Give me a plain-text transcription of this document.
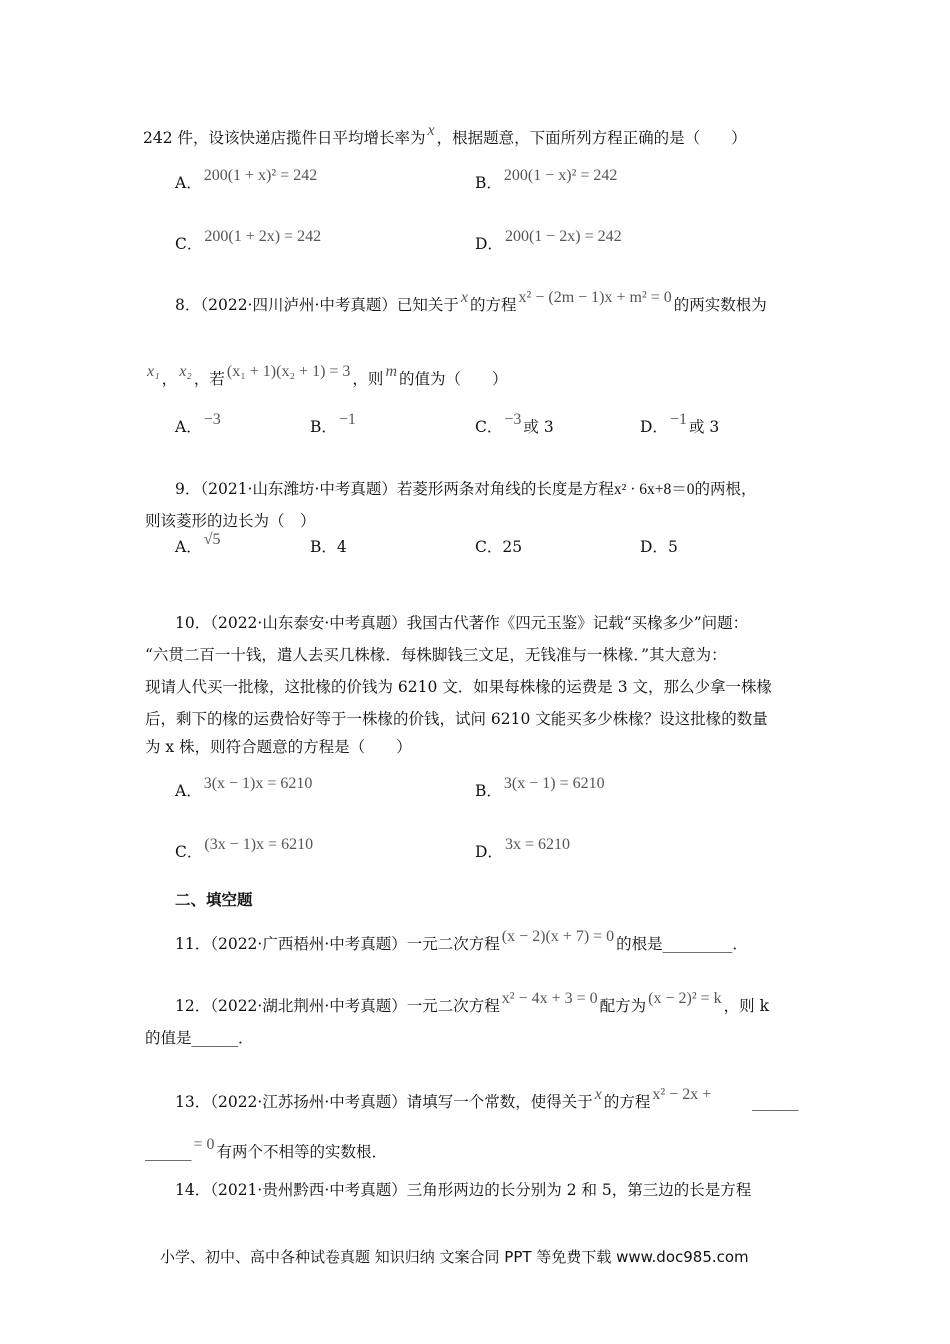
242 件，设该快递店揽件日平均增长率为 x ，根据题意，下面所列方程正确的是（　　）
A． 200(1 + x)² = 242	B． 200(1 − x)² = 242
C． 200(1 + 2x) = 242	D． 200(1 − 2x) = 242
8．（2022·四川泸州·中考真题）已知关于 x 的方程 x² − (2m − 1)x + m² = 0 的两实数根为
x₁ ， x₂ ，若 (x₁ + 1)(x₂ + 1) = 3 ，则 m 的值为（　　）
A． −3	B． −1	C． −3 或 3	D． −1 或 3
9．（2021·山东潍坊·中考真题）若菱形两条对角线的长度是方程x² · 6x+8＝0的两根，
则该菱形的边长为（　）
A． √5	B．4	C．25	D．5
10．（2022·山东泰安·中考真题）我国古代著作《四元玉鉴》记载“买椽多少”问题：
“六贯二百一十钱，遣人去买几株椽．每株脚钱三文足，无钱准与一株椽．”其大意为：
现请人代买一批椽，这批椽的价钱为 6210 文．如果每株椽的运费是 3 文，那么少拿一株椽
后，剩下的椽的运费恰好等于一株椽的价钱，试问 6210 文能买多少株椽？设这批椽的数量
为 x 株，则符合题意的方程是（　　）
A． 3(x − 1)x = 6210	B． 3(x − 1) = 6210
C． (3x − 1)x = 6210	D． 3x = 6210
二、填空题
11．（2022·广西梧州·中考真题）一元二次方程 (x − 2)(x + 7) = 0 的根是_________．
12．（2022·湖北荆州·中考真题）一元二次方程 x² − 4x + 3 = 0 配方为 (x − 2)² = k ，则 k
的值是______．
13．（2022·江苏扬州·中考真题）请填写一个常数，使得关于 x 的方程 x² − 2x +	______
______ = 0 有两个不相等的实数根．
14．（2021·贵州黔西·中考真题）三角形两边的长分别为 2 和 5，第三边的长是方程
小学、初中、高中各种试卷真题 知识归纳 文案合同 PPT 等免费下载 www.doc985.com
